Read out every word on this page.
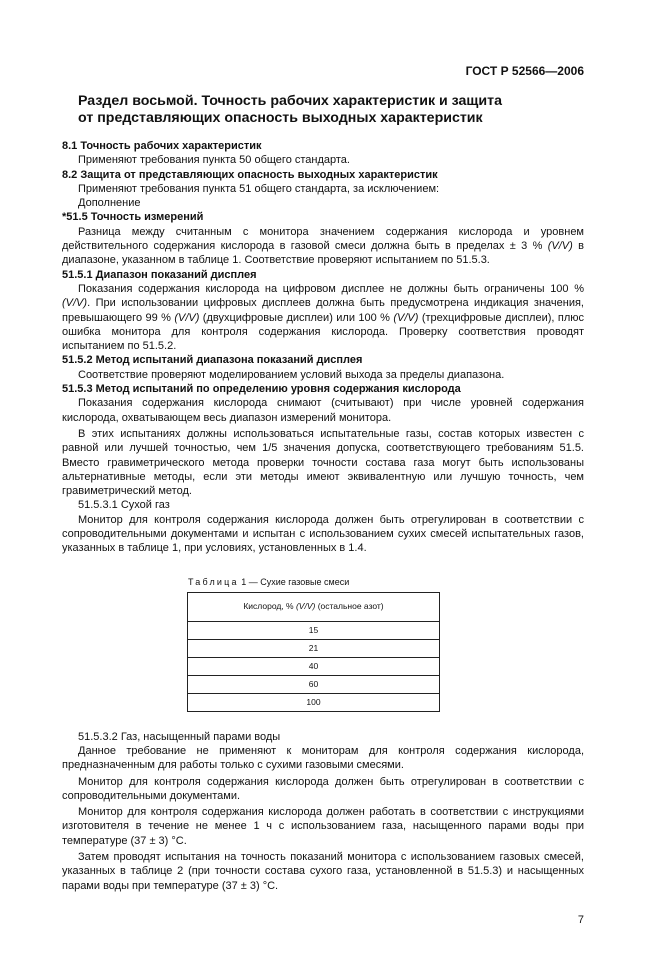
ГОСТ Р 52566—2006
Раздел восьмой. Точность рабочих характеристик и защита
от представляющих опасность выходных характеристик

8.1 Точность рабочих характеристик

Применяют требования пункта 50 общего стандарта.

8.2 Защита от представляющих опасность выходных характеристик

Применяют требования пункта 51 общего стандарта, за исключением:

Дополнение

*51.5 Точность измерений

Разница между считанным с монитора значением содержания кислорода и уровнем действительного содержания кислорода в газовой смеси должна быть в пределах ± 3 % (V/V) в диапазоне, указанном в таблице 1. Соответствие проверяют испытанием по 51.5.3.

51.5.1 Диапазон показаний дисплея

Показания содержания кислорода на цифровом дисплее не должны быть ограничены 100 % (V/V). При использовании цифровых дисплеев должна быть предусмотрена индикация значения, превышающего 99 % (V/V) (двухцифровые дисплеи) или 100 % (V/V) (трехцифровые дисплеи), плюс ошибка монитора для контроля содержания кислорода. Проверку соответствия проводят испытанием по 51.5.2.

51.5.2 Метод испытаний диапазона показаний дисплея

Соответствие проверяют моделированием условий выхода за пределы диапазона.

51.5.3 Метод испытаний по определению уровня содержания кислорода

Показания содержания кислорода снимают (считывают) при числе уровней содержания кислорода, охватывающем весь диапазон измерений монитора.

В этих испытаниях должны использоваться испытательные газы, состав которых известен с равной или лучшей точностью, чем 1/5 значения допуска, соответствующего требованиям 51.5. Вместо гравиметрического метода проверки точности состава газа могут быть использованы альтернативные методы, если эти методы имеют эквивалентную или лучшую точность, чем гравиметрический метод.

51.5.3.1 Сухой газ

Монитор для контроля содержания кислорода должен быть отрегулирован в соответствии с сопроводительными документами и испытан с использованием сухих смесей испытательных газов, указанных в таблице 1, при условиях, установленных в 1.4.

Таблица 1 — Сухие газовые смеси
Кислород, % (V/V) (остальное азот)
15
21
40
60
100

51.5.3.2 Газ, насыщенный парами воды

Данное требование не применяют к мониторам для контроля содержания кислорода, предназначенным для работы только с сухими газовыми смесями.

Монитор для контроля содержания кислорода должен быть отрегулирован в соответствии с сопроводительными документами.

Монитор для контроля содержания кислорода должен работать в соответствии с инструкциями изготовителя в течение не менее 1 ч с использованием газа, насыщенного парами воды при температуре (37 ± 3) °С.

Затем проводят испытания на точность показаний монитора с использованием газовых смесей, указанных в таблице 2 (при точности состава сухого газа, установленной в 51.5.3) и насыщенных парами воды при температуре (37 ± 3) °С.

7
